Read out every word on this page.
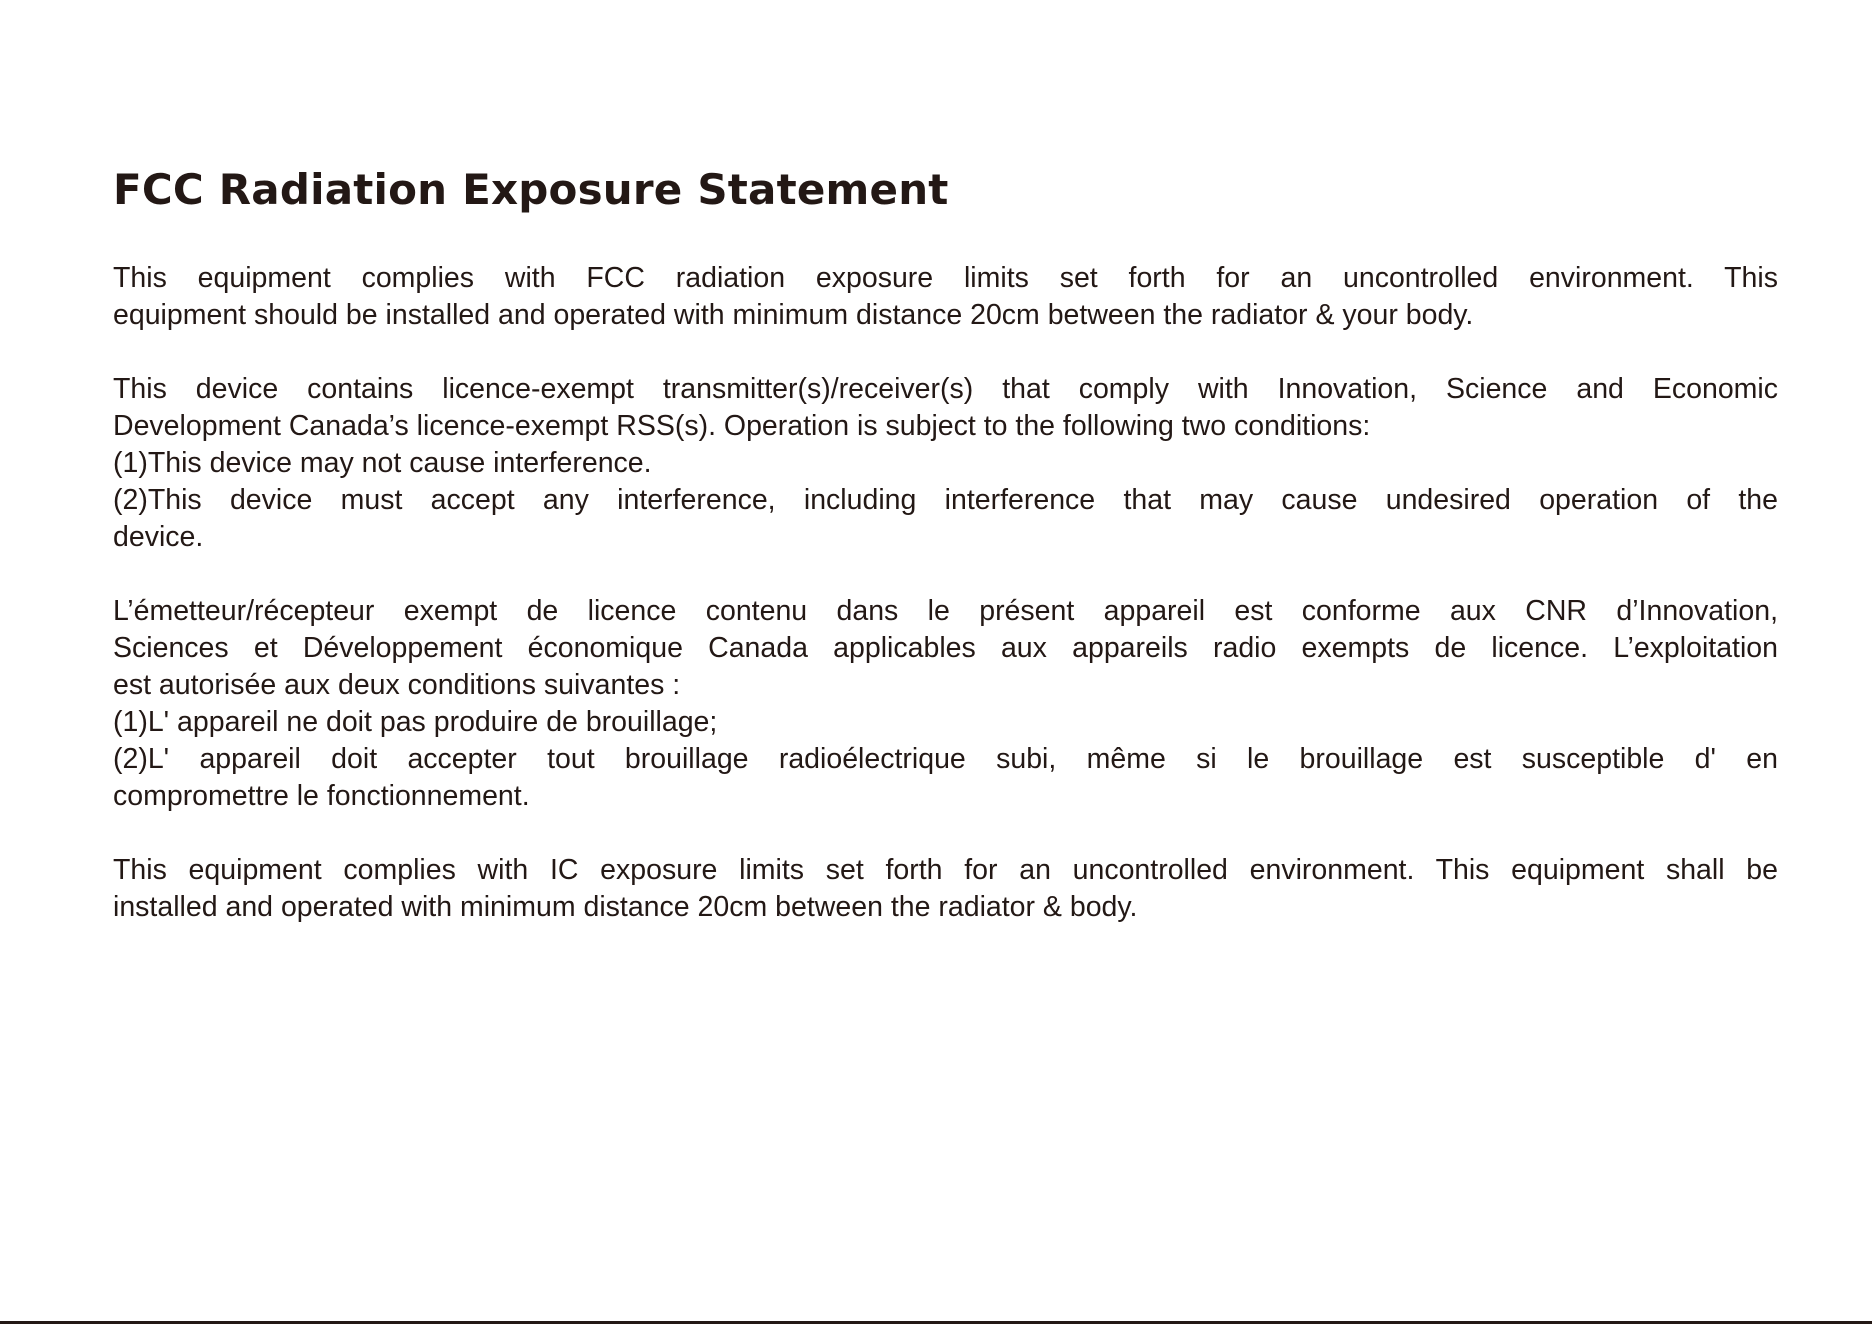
FCC Radiation Exposure Statement
This equipment complies with FCC radiation exposure limits set forth for an uncontrolled environment. This
equipment should be installed and operated with minimum distance 20cm between the radiator & your body.
This device contains licence-exempt transmitter(s)/receiver(s) that comply with Innovation, Science and Economic
Development Canada’s licence-exempt RSS(s). Operation is subject to the following two conditions:
(1)This device may not cause interference.
(2)This device must accept any interference, including interference that may cause undesired operation of the
device.
L’émetteur/récepteur exempt de licence contenu dans le présent appareil est conforme aux CNR d’Innovation,
Sciences et Développement économique Canada applicables aux appareils radio exempts de licence. L’exploitation
est autorisée aux deux conditions suivantes :
(1)L' appareil ne doit pas produire de brouillage;
(2)L' appareil doit accepter tout brouillage radioélectrique subi, même si le brouillage est susceptible d' en
compromettre le fonctionnement.
This equipment complies with IC exposure limits set forth for an uncontrolled environment. This equipment shall be
installed and operated with minimum distance 20cm between the radiator & body.
